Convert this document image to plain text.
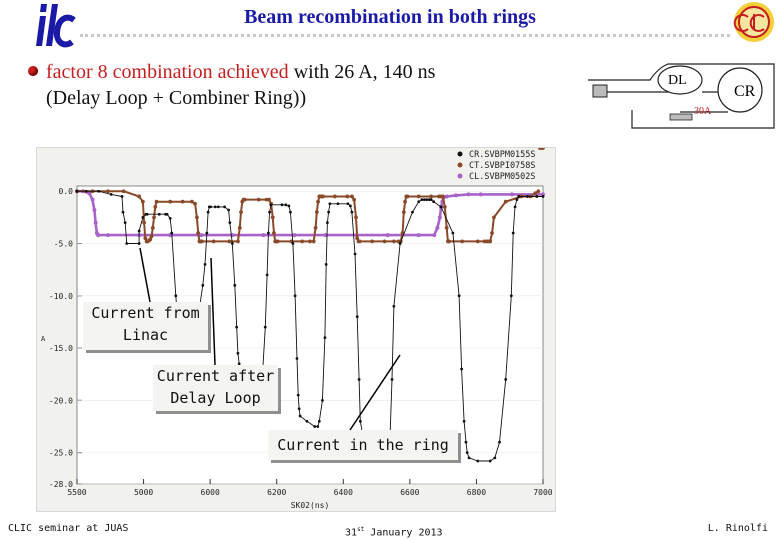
Beam recombination in both rings
factor 8 combination achieved with 26 A, 140 ns
(Delay Loop + Combiner Ring))
DL
CR
30A
0.0
-5.0
-10.0
-15.0
-20.0
-25.0
-28.0
5500	5000	6000	6200	6400	6600	6800	7000
SK02(ns)
A
CR.SVBPM0155S
CT.SVBPI0758S
CL.SVBPM0502S
Current from
Linac
Current after
Delay Loop
Current in the ring
CLIC seminar at JUAS	31st January 2013	L. Rinolfi
